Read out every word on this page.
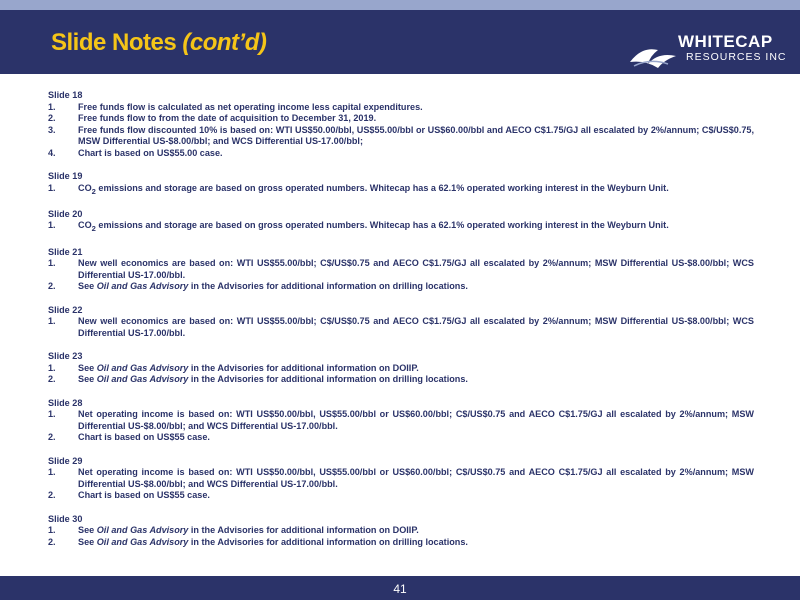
Slide Notes (cont’d)	WHITECAP
RESOURCES INC
Slide 18
1.	Free funds flow is calculated as net operating income less capital expenditures.
2.	Free funds flow to from the date of acquisition to December 31, 2019.
3.	Free funds flow discounted 10% is based on: WTI US$50.00/bbl, US$55.00/bbl or US$60.00/bbl and AECO C$1.75/GJ all escalated by 2%/annum; C$/US$0.75, MSW Differential US-$8.00/bbl; and WCS Differential US-17.00/bbl;
4.	Chart is based on US$55.00 case.
Slide 19
1.	$CO_2$ emissions and storage are based on gross operated numbers. Whitecap has a 62.1% operated working interest in the Weyburn Unit.
Slide 20
1.	$CO_2$ emissions and storage are based on gross operated numbers. Whitecap has a 62.1% operated working interest in the Weyburn Unit.
Slide 21
1.	New well economics are based on: WTI US$55.00/bbl; C$/US$0.75 and AECO C$1.75/GJ all escalated by 2%/annum; MSW Differential US-$8.00/bbl; WCS Differential US-17.00/bbl.
2.	See Oil and Gas Advisory in the Advisories for additional information on drilling locations.
Slide 22
1.	New well economics are based on: WTI US$55.00/bbl; C$/US$0.75 and AECO C$1.75/GJ all escalated by 2%/annum; MSW Differential US-$8.00/bbl; WCS Differential US-17.00/bbl.
Slide 23
1.	See Oil and Gas Advisory in the Advisories for additional information on DOIIP.
2.	See Oil and Gas Advisory in the Advisories for additional information on drilling locations.
Slide 28
1.	Net operating income is based on: WTI US$50.00/bbl, US$55.00/bbl or US$60.00/bbl; C$/US$0.75 and AECO C$1.75/GJ all escalated by 2%/annum; MSW Differential US-$8.00/bbl; and WCS Differential US-17.00/bbl.
2.	Chart is based on US$55 case.
Slide 29
1.	Net operating income is based on: WTI US$50.00/bbl, US$55.00/bbl or US$60.00/bbl; C$/US$0.75 and AECO C$1.75/GJ all escalated by 2%/annum; MSW Differential US-$8.00/bbl; and WCS Differential US-17.00/bbl.
2.	Chart is based on US$55 case.
Slide 30
1.	See Oil and Gas Advisory in the Advisories for additional information on DOIIP.
2.	See Oil and Gas Advisory in the Advisories for additional information on drilling locations.
41
